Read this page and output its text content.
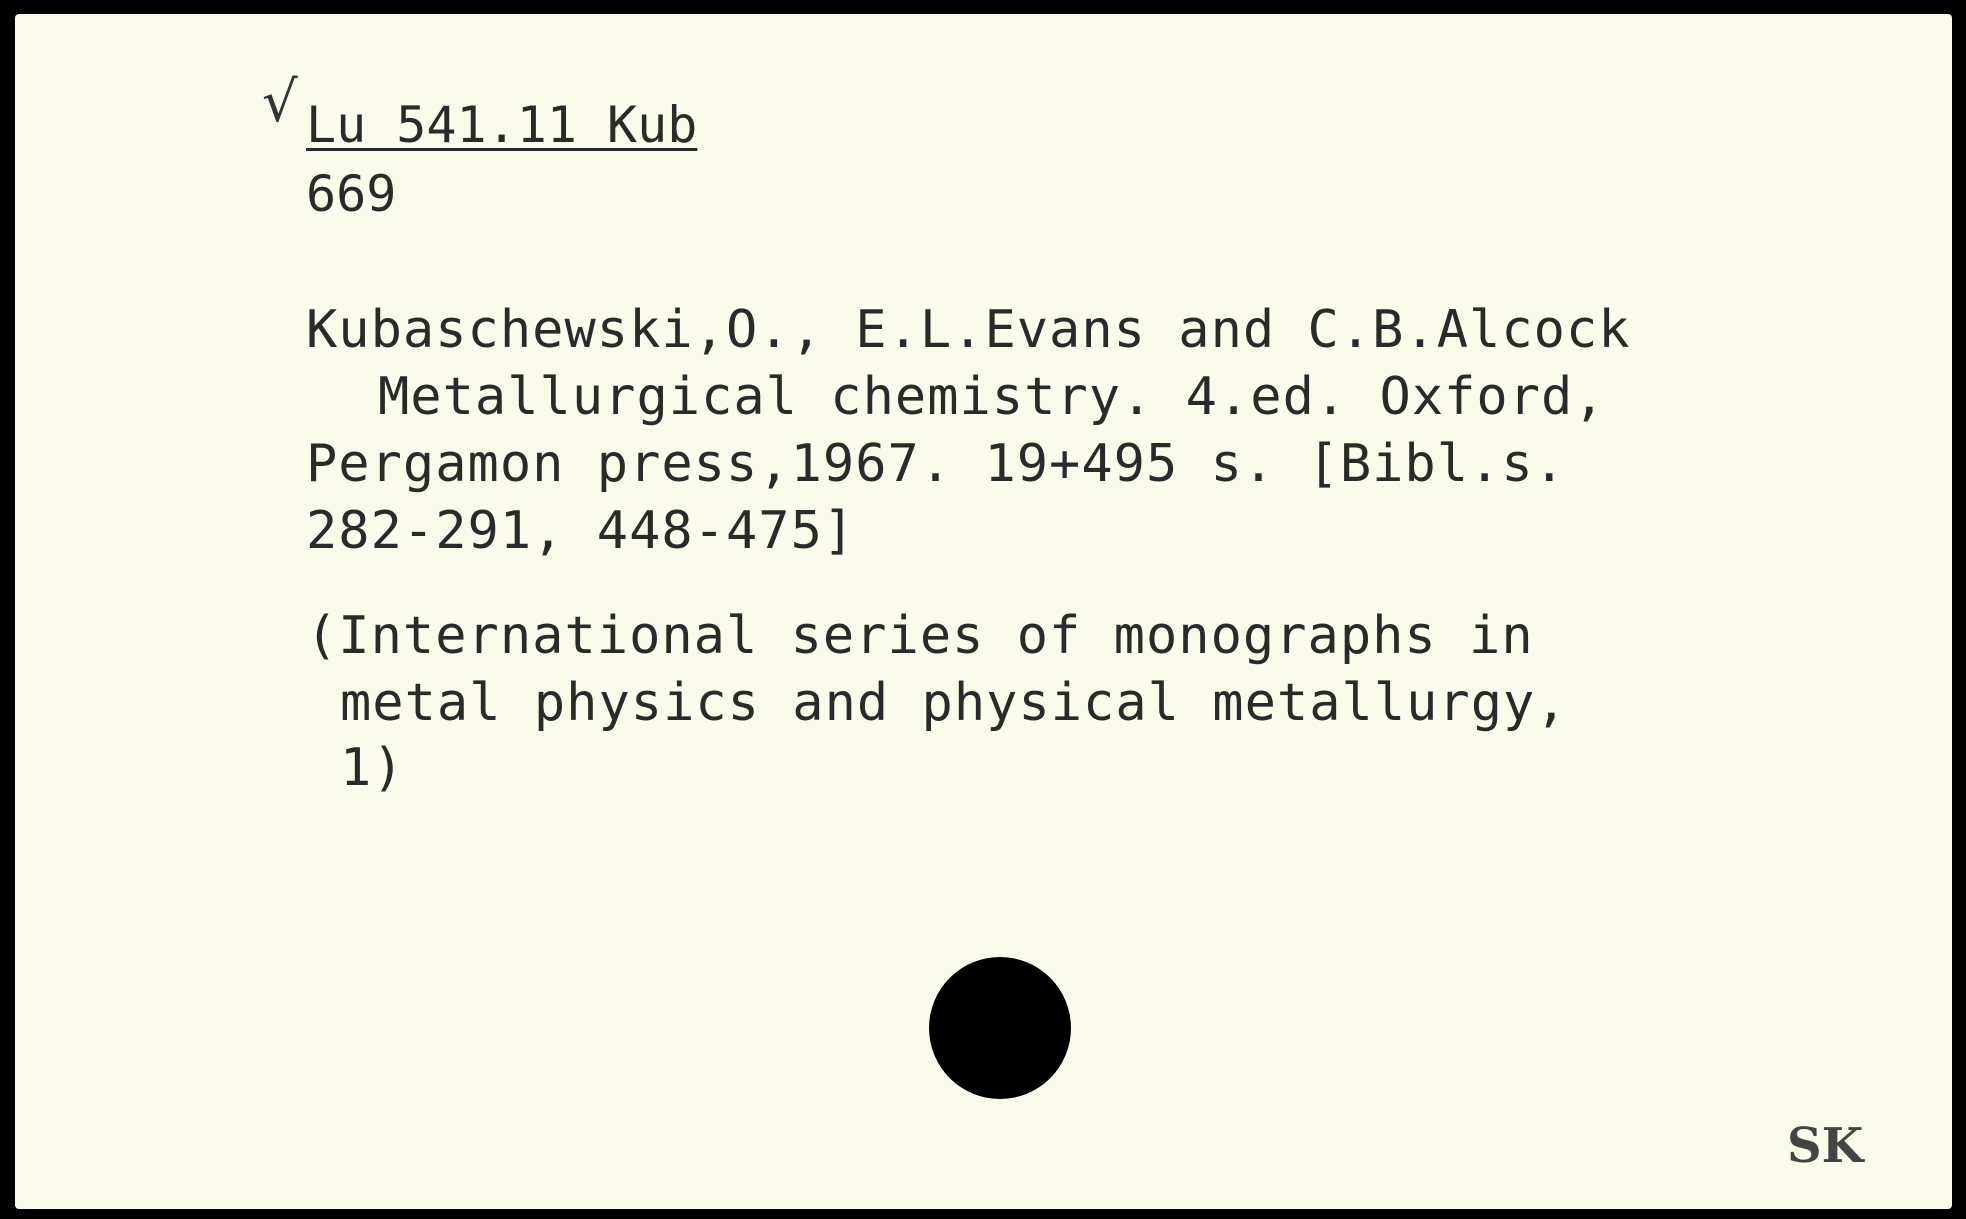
√ Lu 541.11 Kub

669

Kubaschewski,O., E.L.Evans and C.B.Alcock

Metallurgical chemistry. 4.ed. Oxford,

Pergamon press,1967. 19+495 s. [Bibl.s.

282-291, 448-475]

(International series of monographs in

metal physics and physical metallurgy,

1)

SK
